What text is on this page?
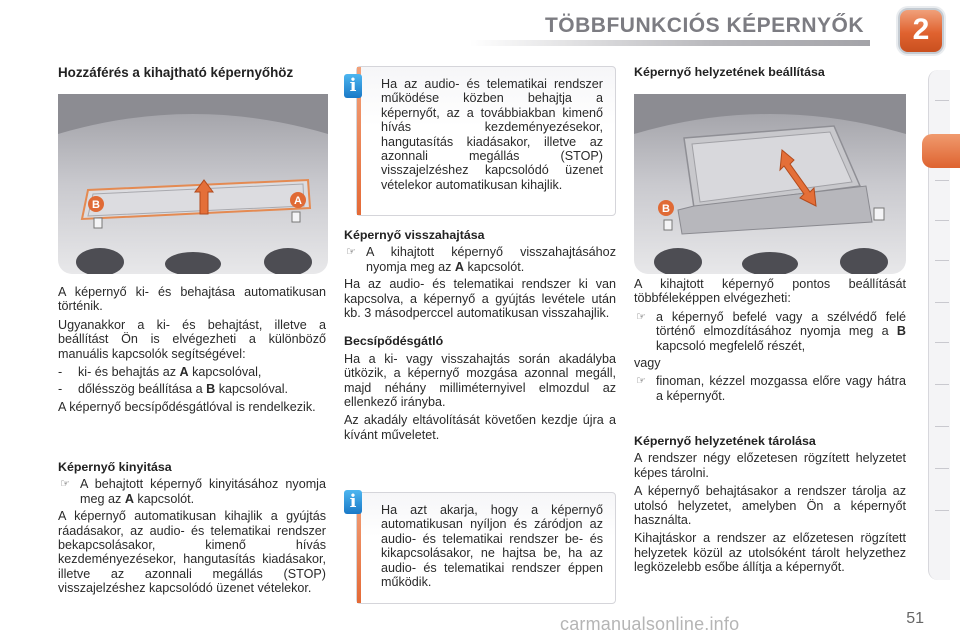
TÖBBFUNKCIÓS KÉPERNYŐK	2
Hozzáférés a kihajtható képernyőhöz
B	A

A képernyő ki- és behajtása automatikusan történik.

Ugyanakkor a ki- és behajtást, illetve a beállítást Ön is elvégezheti a különböző manuális kapcsolók segítségével:

-	ki- és behajtás az A kapcsolóval,
-	dőlésszög beállítása a B kapcsolóval.

A képernyő becsípődésgátlóval is rendelkezik.

Képernyő kinyitása
☞ A behajtott képernyő kinyitásához nyomja meg az A kapcsolót.

A képernyő automatikusan kihajlik a gyújtás ráadásakor, az audio- és telematikai rendszer bekapcsolásakor, kimenő hívás kezdeményezésekor, hangutasítás kiadásakor, illetve az azonnali megállás (STOP) visszajelzéshez kapcsolódó üzenet vételekor.

Ha az audio- és telematikai rendszer működése közben behajtja a képernyőt, az a továbbiakban kimenő hívás kezdeményezésekor, hangutasítás kiadásakor, illetve az azonnali megállás (STOP) visszajelzéshez kapcsolódó üzenet vételekor automatikusan kihajlik.
i
Képernyő visszahajtása
☞ A kihajtott képernyő visszahajtásához nyomja meg az A kapcsolót.

Ha az audio- és telematikai rendszer ki van kapcsolva, a képernyő a gyújtás levétele után kb. 3 másodperccel automatikusan visszahajlik.

Becsípődésgátló

Ha a ki- vagy visszahajtás során akadályba ütközik, a képernyő mozgása azonnal megáll, majd néhány milliméternyivel elmozdul az ellenkező irányba.

Az akadály eltávolítását követően kezdje újra a kívánt műveletet.

Ha azt akarja, hogy a képernyő automatikusan nyíljon és záródjon az audio- és telematikai rendszer be- és kikapcsolásakor, ne hajtsa be, ha az audio- és telematikai rendszer éppen működik.
i
Képernyő helyzetének beállítása
B

A kihajtott képernyő pontos beállítását többféleképpen elvégezheti:

☞ a képernyő befelé vagy a szélvédő felé történő elmozdításához nyomja meg a B kapcsoló megfelelő részét,

vagy

☞ finoman, kézzel mozgassa előre vagy hátra a képernyőt.
Képernyő helyzetének tárolása

A rendszer négy előzetesen rögzített helyzetet képes tárolni.

A képernyő behajtásakor a rendszer tárolja az utolsó helyzetet, amelyben Ön a képernyőt használta.

Kihajtáskor a rendszer az előzetesen rögzített helyzetek közül az utolsóként tárolt helyzethez legközelebb esőbe állítja a képernyőt.

carmanualsonline.info	51
